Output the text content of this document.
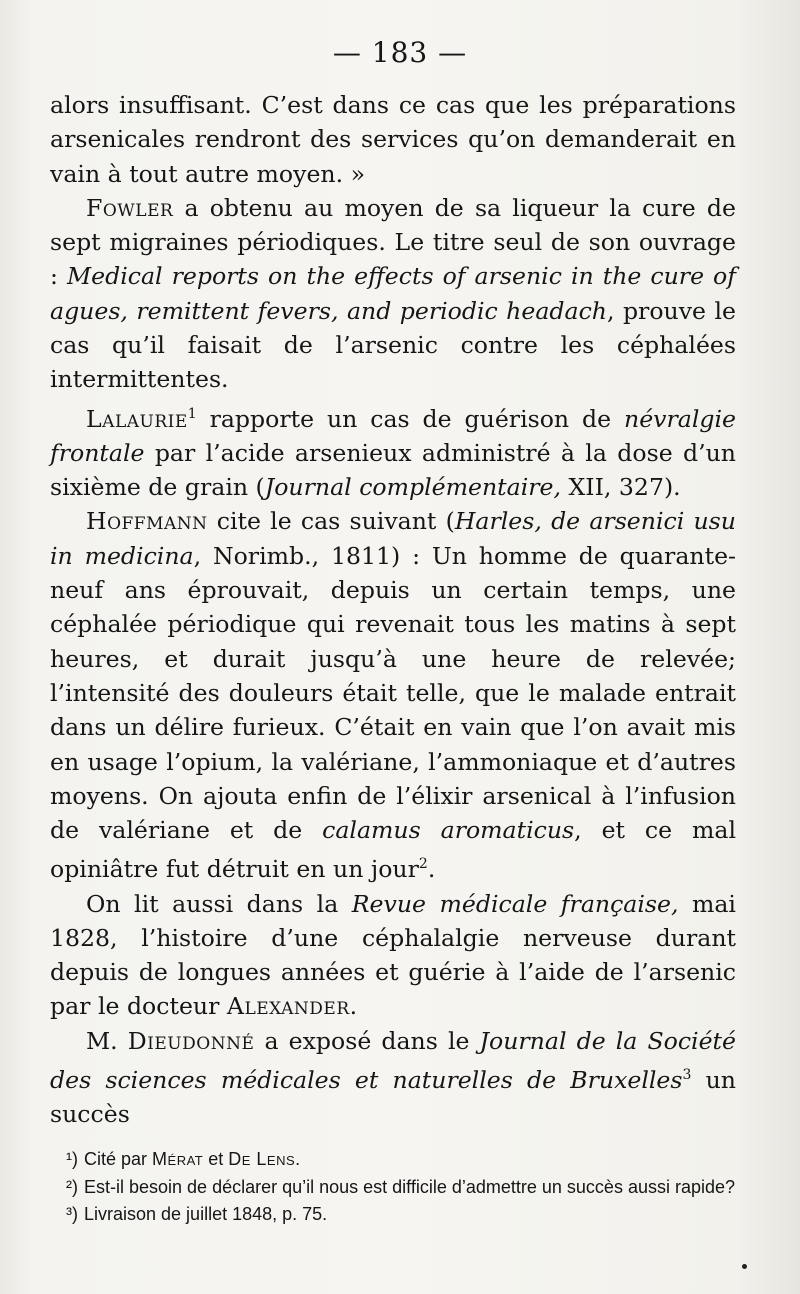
— 183 —

alors insuffisant. C’est dans ce cas que les préparations arsenicales rendront des services qu’on demanderait en vain à tout autre moyen. »

Fowler a obtenu au moyen de sa liqueur la cure de sept migraines périodiques. Le titre seul de son ouvrage : Medical reports on the effects of arsenic in the cure of agues, remittent fevers, and periodic headach, prouve le cas qu’il faisait de l’arsenic contre les céphalées intermittentes.

Lalaurie$^1$ rapporte un cas de guérison de névralgie frontale par l’acide arsenieux administré à la dose d’un sixième de grain (Journal complémentaire, XII, 327).

Hoffmann cite le cas suivant (Harles, de arsenici usu in medicina, Norimb., 1811) : Un homme de quarante-neuf ans éprouvait, depuis un certain temps, une céphalée périodique qui revenait tous les matins à sept heures, et durait jusqu’à une heure de relevée; l’intensité des douleurs était telle, que le malade entrait dans un délire furieux. C’était en vain que l’on avait mis en usage l’opium, la valériane, l’ammoniaque et d’autres moyens. On ajouta enfin de l’élixir arsenical à l’infusion de valériane et de calamus aromaticus, et ce mal opiniâtre fut détruit en un jour$^2$.

On lit aussi dans la Revue médicale française, mai 1828, l’histoire d’une céphalalgie nerveuse durant depuis de longues années et guérie à l’aide de l’arsenic par le docteur Alexander.

M. Dieudonné a exposé dans le Journal de la Société des sciences médicales et naturelles de Bruxelles$^3$ un succès

¹) Cité par Mérat et De Lens.

²) Est-il besoin de déclarer qu’il nous est difficile d’admettre un succès aussi rapide?

³) Livraison de juillet 1848, p. 75.
